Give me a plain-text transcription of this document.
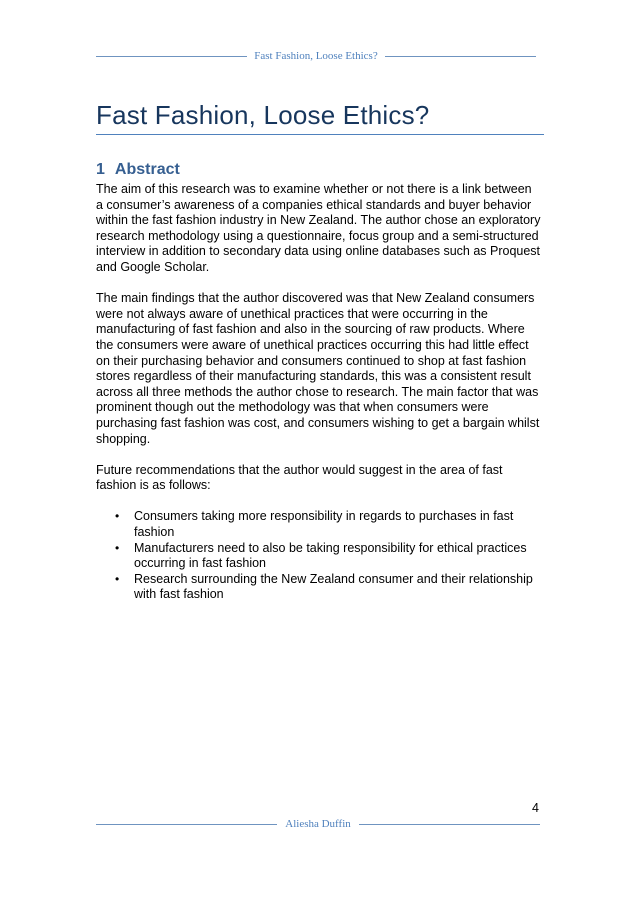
Fast Fashion, Loose Ethics?
Fast Fashion, Loose Ethics?
1 Abstract

The aim of this research was to examine whether or not there is a link between a consumer’s awareness of a companies ethical standards and buyer behavior within the fast fashion industry in New Zealand. The author chose an exploratory research methodology using a questionnaire, focus group and a semi-structured interview in addition to secondary data using online databases such as Proquest and Google Scholar.

The main findings that the author discovered was that New Zealand consumers were not always aware of unethical practices that were occurring in the manufacturing of fast fashion and also in the sourcing of raw products. Where the consumers were aware of unethical practices occurring this had little effect on their purchasing behavior and consumers continued to shop at fast fashion stores regardless of their manufacturing standards, this was a consistent result across all three methods the author chose to research. The main factor that was prominent though out the methodology was that when consumers were purchasing fast fashion was cost, and consumers wishing to get a bargain whilst shopping.

Future recommendations that the author would suggest in the area of fast fashion is as follows:

• Consumers taking more responsibility in regards to purchases in fast fashion
• Manufacturers need to also be taking responsibility for ethical practices occurring in fast fashion
• Research surrounding the New Zealand consumer and their relationship with fast fashion
4
Aliesha Duffin
